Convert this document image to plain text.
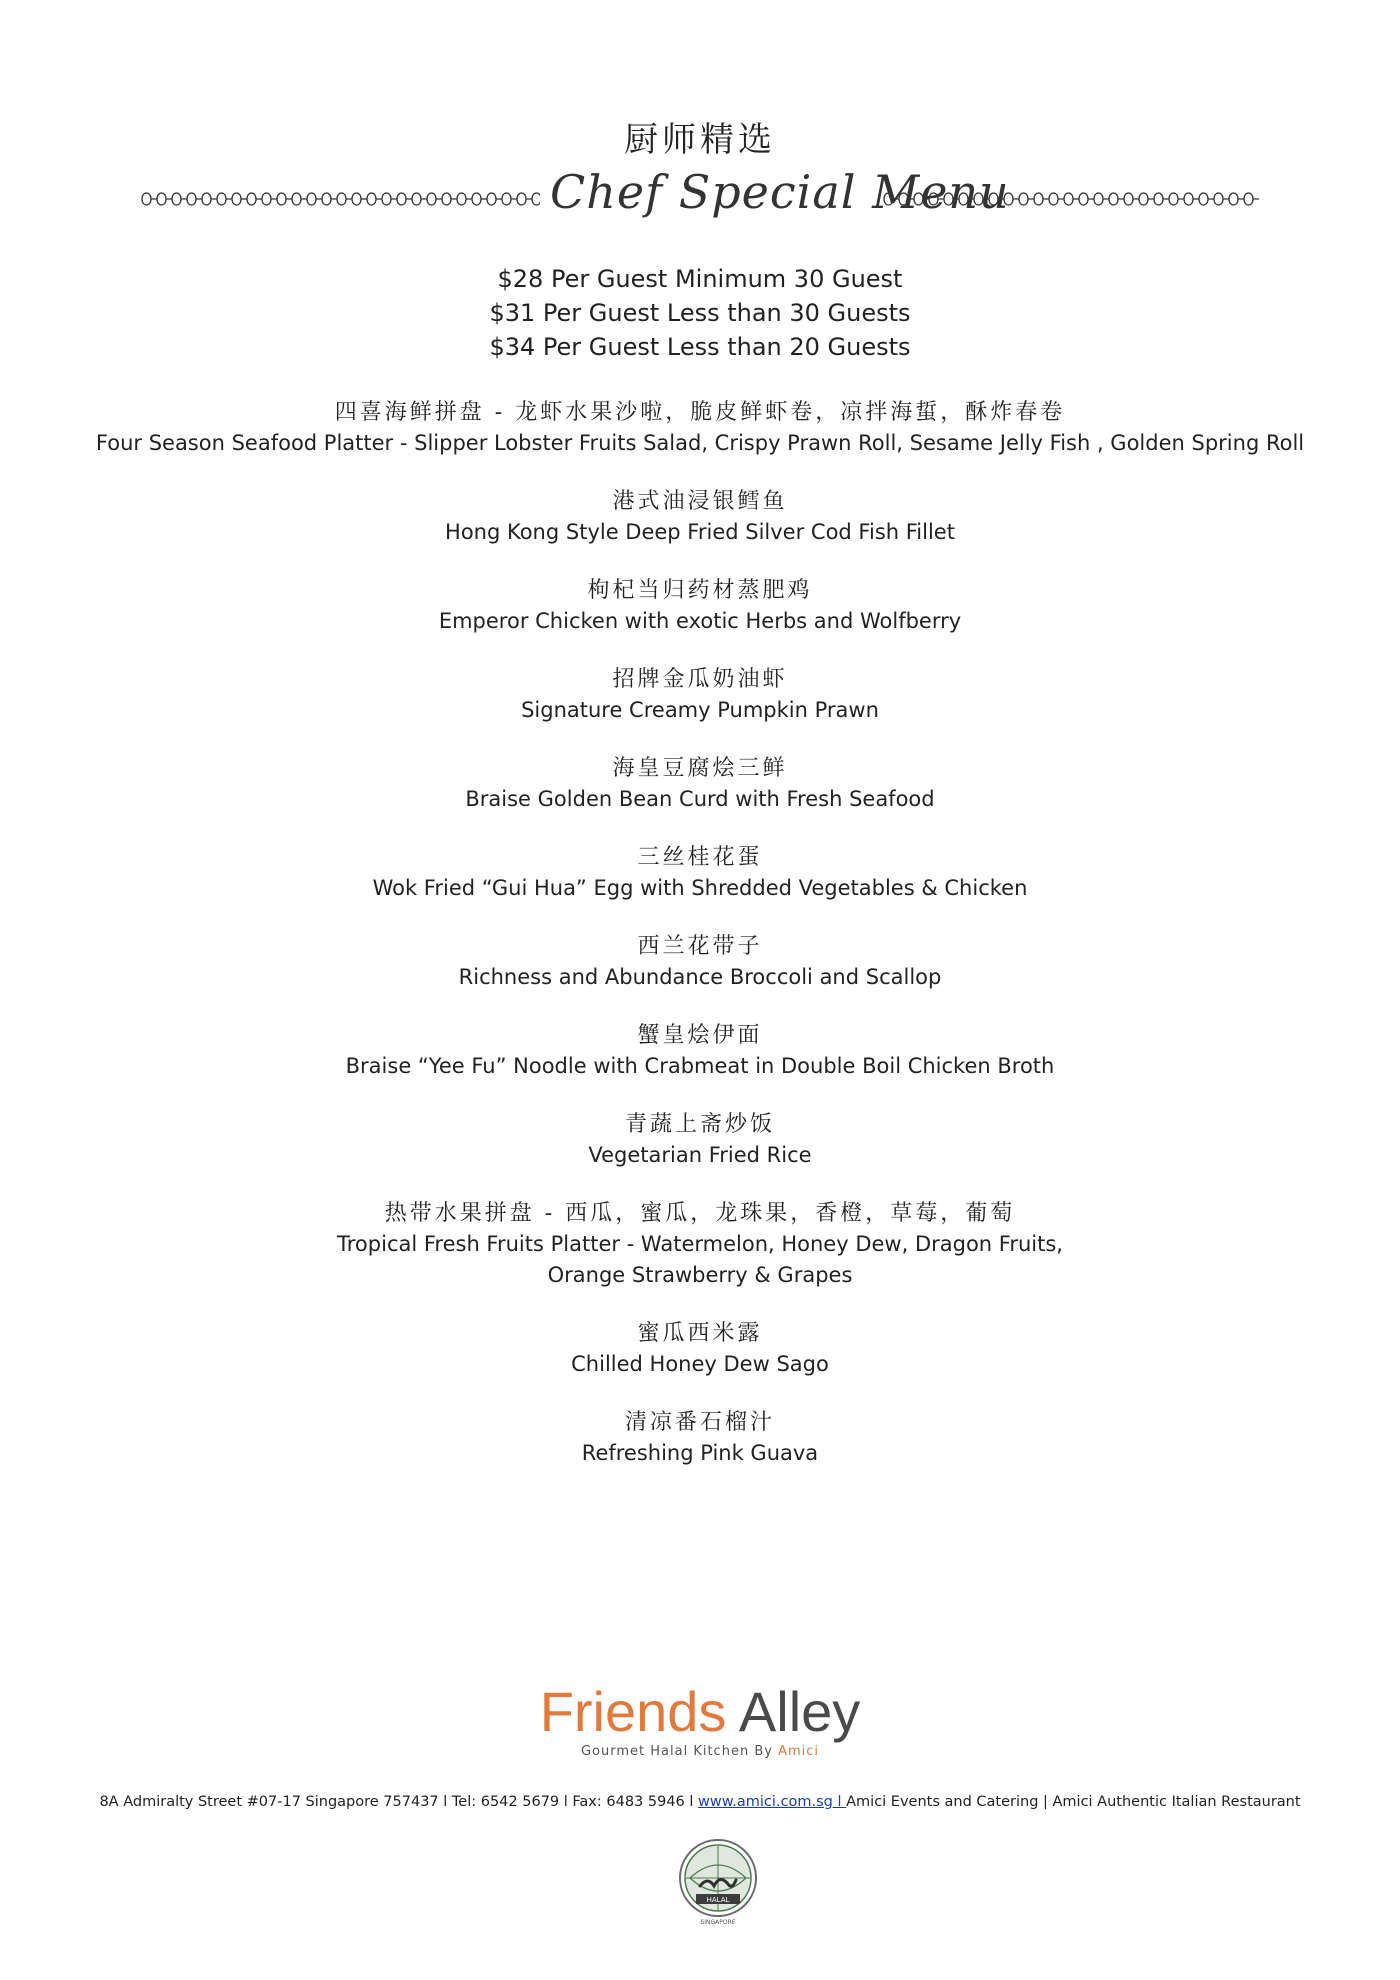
厨师精选
Chef Special Menu
$28 Per Guest Minimum 30 Guest
$31 Per Guest Less than 30 Guests
$34 Per Guest Less than 20 Guests
四喜海鲜拼盘 - 龙虾水果沙啦，脆皮鲜虾卷，凉拌海蜇，酥炸春卷
Four Season Seafood Platter - Slipper Lobster Fruits Salad, Crispy Prawn Roll, Sesame Jelly Fish , Golden Spring Roll
港式油浸银鳕鱼
Hong Kong Style Deep Fried Silver Cod Fish Fillet
枸杞当归药材蒸肥鸡
Emperor Chicken with exotic Herbs and Wolfberry
招牌金瓜奶油虾
Signature Creamy Pumpkin Prawn
海皇豆腐烩三鲜
Braise Golden Bean Curd with Fresh Seafood
三丝桂花蛋
Wok Fried “Gui Hua” Egg with Shredded Vegetables & Chicken
西兰花带子
Richness and Abundance Broccoli and Scallop
蟹皇烩伊面
Braise “Yee Fu” Noodle with Crabmeat in Double Boil Chicken Broth
青蔬上斋炒饭
Vegetarian Fried Rice
热带水果拼盘 - 西瓜，蜜瓜，龙珠果，香橙，草莓，葡萄
Tropical Fresh Fruits Platter - Watermelon, Honey Dew, Dragon Fruits,
Orange Strawberry & Grapes
蜜瓜西米露
Chilled Honey Dew Sago
清凉番石榴汁
Refreshing Pink Guava
Friends Alley
Gourmet Halal Kitchen By Amici
8A Admiralty Street #07-17 Singapore 757437 l Tel: 6542 5679 l Fax: 6483 5946 l www.amici.com.sg l Amici Events and Catering | Amici Authentic Italian Restaurant
HALAL
SINGAPORE
